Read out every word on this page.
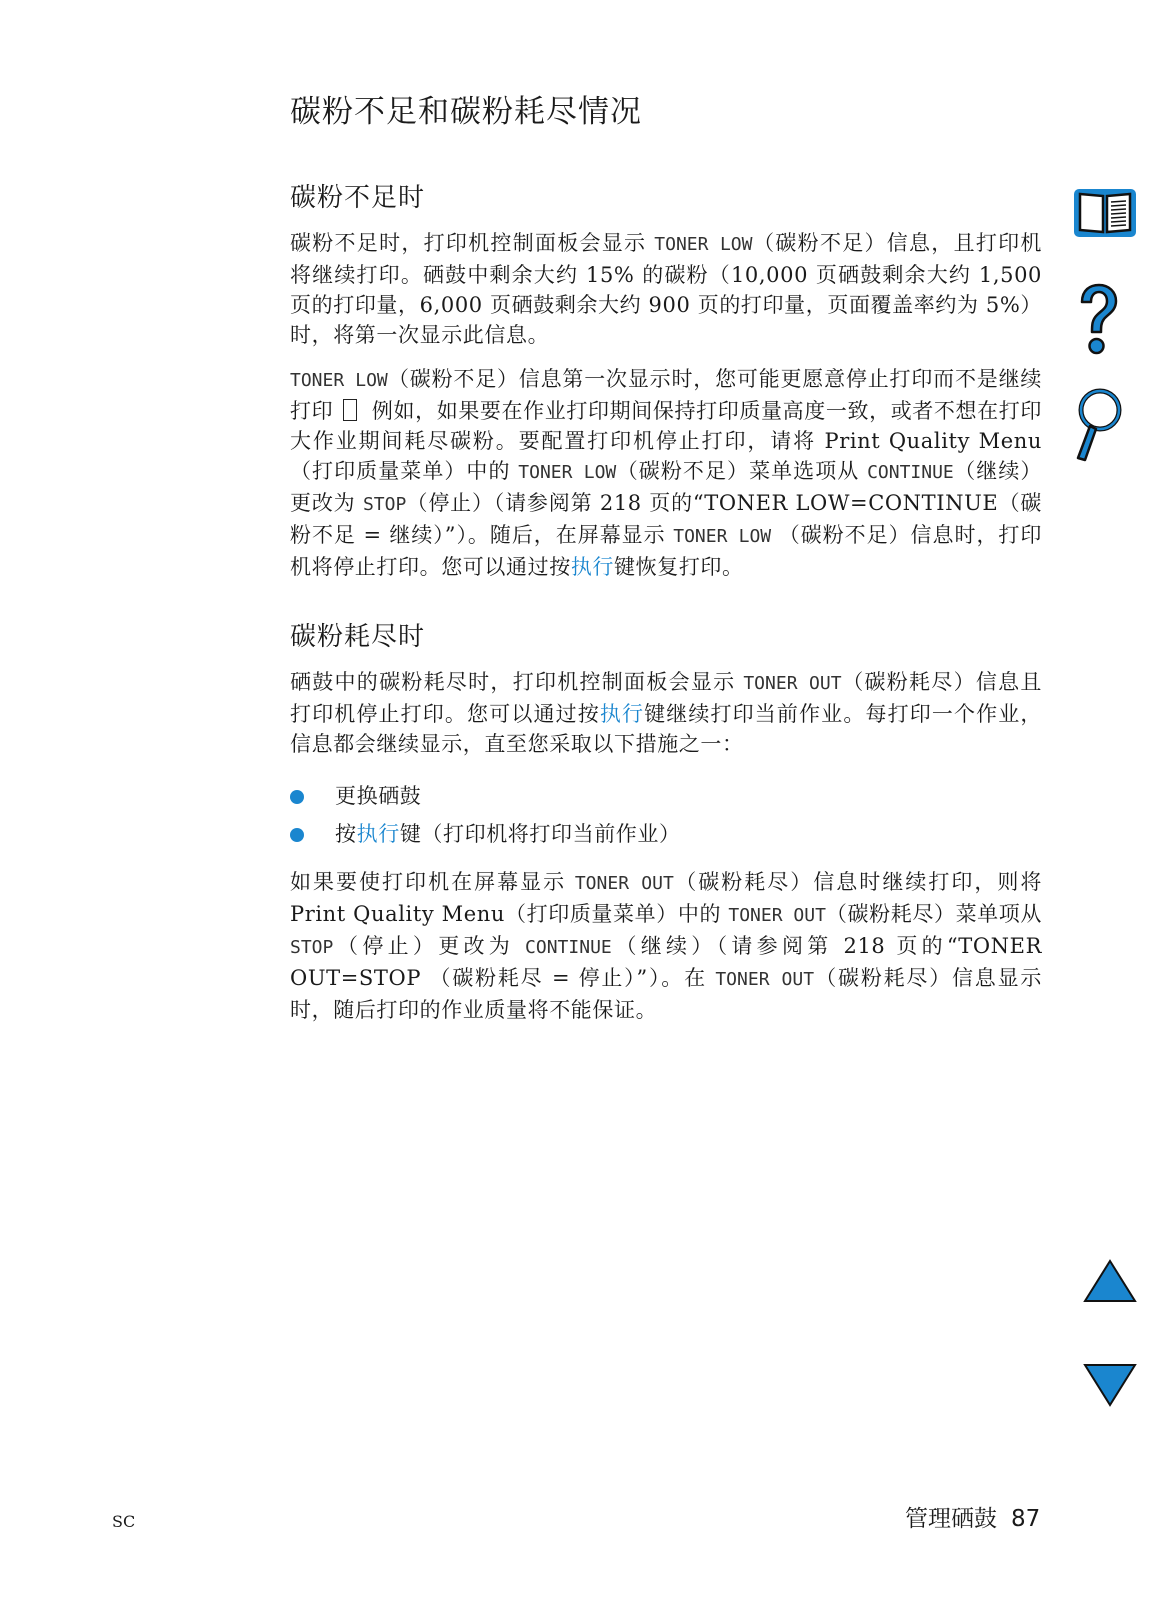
碳粉不足和碳粉耗尽情况
碳粉不足时

碳粉不足时，打印机控制面板会显示 TONER LOW（碳粉不足）信息，且打印机将继续打印。硒鼓中剩余大约 15% 的碳粉（10,000 页硒鼓剩余大约 1,500 页的打印量，6,000 页硒鼓剩余大约 900 页的打印量，页面覆盖率约为 5%）时，将第一次显示此信息。

TONER LOW（碳粉不足）信息第一次显示时，您可能更愿意停止打印而不是继续打印  例如，如果要在作业打印期间保持打印质量高度一致，或者不想在打印大作业期间耗尽碳粉。要配置打印机停止打印，请将 Print Quality Menu（打印质量菜单）中的 TONER LOW（碳粉不足）菜单选项从 CONTINUE（继续）更改为 STOP（停止）（请参阅第 218 页的“TONER LOW=CONTINUE（碳粉不足 = 继续）”）。随后，在屏幕显示 TONER LOW （碳粉不足）信息时，打印机将停止打印。您可以通过按执行键恢复打印。

碳粉耗尽时

硒鼓中的碳粉耗尽时，打印机控制面板会显示 TONER OUT（碳粉耗尽）信息且打印机停止打印。您可以通过按执行键继续打印当前作业。每打印一个作业，信息都会继续显示，直至您采取以下措施之一：

更换硒鼓
按执行键（打印机将打印当前作业）

如果要使打印机在屏幕显示 TONER OUT（碳粉耗尽）信息时继续打印，则将 Print Quality Menu（打印质量菜单）中的 TONER OUT（碳粉耗尽）菜单项从 STOP（停止）更改为 CONTINUE（继续）（请参阅第 218 页的“TONER OUT=STOP （碳粉耗尽 = 停止）”）。在 TONER OUT（碳粉耗尽）信息显示时，随后打印的作业质量将不能保证。

SC	管理硒鼓 87
